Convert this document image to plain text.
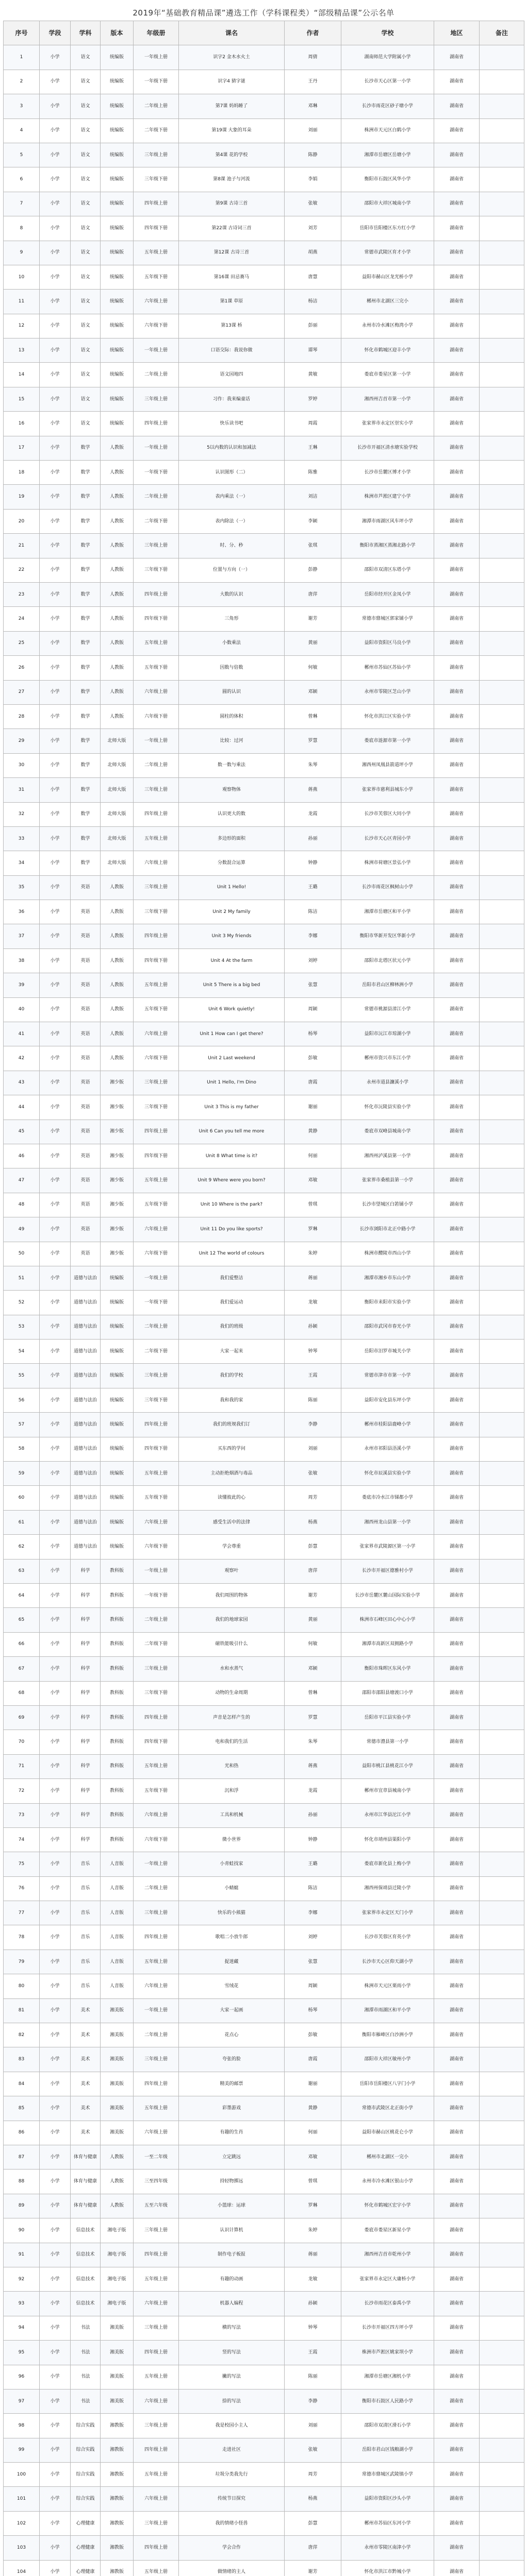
2019年“基础教育精品课”遴选工作（学科课程类）“部级精品课”公示名单
序号	学段	学科	版本	年级册	课名	作者	学校	地区	备注
1	小学	语文	统编版	一年级上册	识字2 金木水火土	周倩	湖南师范大学附属小学	湖南省	
2	小学	语文	统编版	一年级下册	识字4 猜字谜	王丹	长沙市天心区第一小学	湖南省	
3	小学	语文	统编版	二年级上册	第7课 妈妈睡了	邓琳	长沙市雨花区砂子塘小学	湖南省	
4	小学	语文	统编版	二年级下册	第19课 大象的耳朵	刘丽	株洲市天元区白鹤小学	湖南省	
5	小学	语文	统编版	三年级上册	第4课 花的学校	陈静	湘潭市岳塘区岳塘小学	湖南省	
6	小学	语文	统编版	三年级下册	第8课 池子与河流	李娟	衡阳市石鼓区风华小学	湖南省	
7	小学	语文	统编版	四年级上册	第9课 古诗三首	张敏	邵阳市大祥区城南小学	湖南省	
8	小学	语文	统编版	四年级下册	第22课 古诗词三首	刘芳	岳阳市岳阳楼区东方红小学	湖南省	
9	小学	语文	统编版	五年级上册	第12课 古诗三首	胡燕	常德市武陵区育才小学	湖南省	
10	小学	语文	统编版	五年级下册	第16课 田忌赛马	唐慧	益阳市赫山区龙光桥小学	湖南省	
11	小学	语文	统编版	六年级上册	第1课 草原	杨洁	郴州市北湖区三完小	湖南省	
12	小学	语文	统编版	六年级下册	第13课 桥	彭丽	永州市冷水滩区梅湾小学	湖南省	
13	小学	语文	统编版	一年级上册	口语交际：我说你做	谭琴	怀化市鹤城区迎丰小学	湖南省	
14	小学	语文	统编版	二年级上册	语文园地四	黄敏	娄底市娄星区第一小学	湖南省	
15	小学	语文	统编版	三年级上册	习作：我来编童话	罗婷	湘西州吉首市第一小学	湖南省	
16	小学	语文	统编版	四年级上册	快乐读书吧	周霞	张家界市永定区崇实小学	湖南省	
17	小学	数学	人教版	一年级上册	5以内数的认识和加减法	王琳	长沙市开福区清水塘实验学校	湖南省	
18	小学	数学	人教版	一年级下册	认识图形（二）	陈雅	长沙市岳麓区博才小学	湖南省	
19	小学	数学	人教版	二年级上册	表内乘法（一）	刘洁	株洲市芦淞区建宁小学	湖南省	
20	小学	数学	人教版	二年级下册	表内除法（一）	李颖	湘潭市雨湖区风车坪小学	湖南省	
21	小学	数学	人教版	三年级上册	时、分、秒	张琪	衡阳市蒸湘区蒸湘北路小学	湖南省	
22	小学	数学	人教版	三年级下册	位置与方向（一）	彭静	邵阳市双清区东塔小学	湖南省	
23	小学	数学	人教版	四年级上册	大数的认识	唐萍	岳阳市经开区金凤小学	湖南省	
24	小学	数学	人教版	四年级下册	三角形	谢芳	常德市鼎城区郭家铺小学	湖南省	
25	小学	数学	人教版	五年级上册	小数乘法	黄丽	益阳市资阳区马良小学	湖南省	
26	小学	数学	人教版	五年级下册	因数与倍数	何敏	郴州市苏仙区苏仙小学	湖南省	
27	小学	数学	人教版	六年级上册	圆的认识	邓颖	永州市零陵区芝山小学	湖南省	
28	小学	数学	人教版	六年级下册	圆柱的体积	曾琳	怀化市洪江区实验小学	湖南省	
29	小学	数学	北师大版	一年级上册	比较：过河	罗慧	娄底市涟源市第一小学	湖南省	
30	小学	数学	北师大版	二年级上册	数一数与乘法	朱琴	湘西州凤凰县箭道坪小学	湖南省	
31	小学	数学	北师大版	三年级上册	观察物体	蒋燕	张家界市慈利县城东小学	湖南省	
32	小学	数学	北师大版	四年级上册	认识更大的数	龙霞	长沙市芙蓉区大同小学	湖南省	
33	小学	数学	北师大版	五年级上册	多边形的面积	孙丽	长沙市天心区青园小学	湖南省	
34	小学	数学	北师大版	六年级上册	分数混合运算	钟静	株洲市荷塘区景弘小学	湖南省	
35	小学	英语	人教版	三年级上册	Unit 1 Hello!	王璐	长沙市雨花区枫树山小学	湖南省	
36	小学	英语	人教版	三年级下册	Unit 2 My family	陈洁	湘潭市岳塘区和平小学	湖南省	
37	小学	英语	人教版	四年级上册	Unit 3 My friends	李娜	衡阳市华新开发区华新小学	湖南省	
38	小学	英语	人教版	四年级下册	Unit 4 At the farm	刘婷	邵阳市北塔区状元小学	湖南省	
39	小学	英语	人教版	五年级上册	Unit 5 There is a big bed	张慧	岳阳市君山区柳林洲小学	湖南省	
40	小学	英语	人教版	五年级下册	Unit 6 Work quietly!	周颖	常德市桃源县漳江小学	湖南省	
41	小学	英语	人教版	六年级上册	Unit 1 How can I get there?	杨琴	益阳市沅江市琼湖小学	湖南省	
42	小学	英语	人教版	六年级下册	Unit 2 Last weekend	彭敏	郴州市资兴市东江小学	湖南省	
43	小学	英语	湘少版	三年级上册	Unit 1 Hello, I'm Dino	唐霞	永州市道县濂溪小学	湖南省	
44	小学	英语	湘少版	三年级下册	Unit 3 This is my father	谢丽	怀化市沅陵县实验小学	湖南省	
45	小学	英语	湘少版	四年级上册	Unit 6 Can you tell me more	黄静	娄底市双峰县城南小学	湖南省	
46	小学	英语	湘少版	四年级下册	Unit 8 What time is it?	何丽	湘西州泸溪县第一小学	湖南省	
47	小学	英语	湘少版	五年级上册	Unit 9 Where were you born?	邓敏	张家界市桑植县第一小学	湖南省	
48	小学	英语	湘少版	五年级下册	Unit 10 Where is the park?	曾琪	长沙市望城区白箬铺小学	湖南省	
49	小学	英语	湘少版	六年级上册	Unit 11 Do you like sports?	罗琳	长沙市浏阳市北正中路小学	湖南省	
50	小学	英语	湘少版	六年级下册	Unit 12 The world of colours	朱婷	株洲市醴陵市西山小学	湖南省	
51	小学	道德与法治	统编版	一年级上册	我们爱整洁	蒋丽	湘潭市湘乡市东山小学	湖南省	
52	小学	道德与法治	统编版	一年级下册	我们爱运动	龙敏	衡阳市耒阳市实验小学	湖南省	
53	小学	道德与法治	统编版	二年级上册	我们的班级	孙颖	邵阳市武冈市春光小学	湖南省	
54	小学	道德与法治	统编版	二年级下册	大家一起来	钟琴	岳阳市汨罗市城关小学	湖南省	
55	小学	道德与法治	统编版	三年级上册	我们的学校	王霞	常德市津市市第一小学	湖南省	
56	小学	道德与法治	统编版	三年级下册	我和我的家	陈丽	益阳市安化县东坪小学	湖南省	
57	小学	道德与法治	统编版	四年级上册	我们的班规我们订	李静	郴州市桂阳县鹿峰小学	湖南省	
58	小学	道德与法治	统编版	四年级下册	买东西的学问	刘丽	永州市祁阳县浯溪小学	湖南省	
59	小学	道德与法治	统编版	五年级上册	主动拒绝烟酒与毒品	张敏	怀化市辰溪县实验小学	湖南省	
60	小学	道德与法治	统编版	五年级下册	读懂彼此的心	周芳	娄底市冷水江市锑都小学	湖南省	
61	小学	道德与法治	统编版	六年级上册	感受生活中的法律	杨燕	湘西州龙山县第一小学	湖南省	
62	小学	道德与法治	统编版	六年级下册	学会尊重	彭慧	张家界市武陵源区第一小学	湖南省	
63	小学	科学	教科版	一年级上册	观察叶	唐萍	长沙市开福区德雅村小学	湖南省	
64	小学	科学	教科版	一年级下册	我们周围的物体	谢芳	长沙市岳麓区麓山国际实验小学	湖南省	
65	小学	科学	教科版	二年级上册	我们的地球家园	黄丽	株洲市石峰区田心中心小学	湖南省	
66	小学	科学	教科版	二年级下册	磁铁能吸引什么	何敏	湘潭市高新区双拥路小学	湖南省	
67	小学	科学	教科版	三年级上册	水和水蒸气	邓颖	衡阳市珠晖区东风小学	湖南省	
68	小学	科学	教科版	三年级下册	动物的生命周期	曾琳	邵阳市邵阳县塘渡口小学	湖南省	
69	小学	科学	教科版	四年级上册	声音是怎样产生的	罗慧	岳阳市平江县实验小学	湖南省	
70	小学	科学	教科版	四年级下册	电和我们的生活	朱琴	常德市澧县第一小学	湖南省	
71	小学	科学	教科版	五年级上册	光和热	蒋燕	益阳市桃江县桃花江小学	湖南省	
72	小学	科学	教科版	五年级下册	沉和浮	龙霞	郴州市宜章县城南小学	湖南省	
73	小学	科学	教科版	六年级上册	工具和机械	孙丽	永州市江华县沱江小学	湖南省	
74	小学	科学	教科版	六年级下册	微小世界	钟静	怀化市靖州县渠阳小学	湖南省	
75	小学	音乐	人音版	一年级上册	小青蛙找家	王璐	娄底市新化县上梅小学	湖南省	
76	小学	音乐	人音版	二年级上册	小蜻蜓	陈洁	湘西州保靖县迁陵小学	湖南省	
77	小学	音乐	人音版	三年级上册	快乐的小熊猫	李娜	张家界市永定区天门小学	湖南省	
78	小学	音乐	人音版	四年级上册	歌唱二小放牛郎	刘婷	长沙市芙蓉区育英小学	湖南省	
79	小学	音乐	人音版	五年级上册	捉迷藏	张慧	长沙市天心区仰天湖小学	湖南省	
80	小学	音乐	人音版	六年级上册	雪绒花	周颖	株洲市天元区栗雨小学	湖南省	
81	小学	美术	湘美版	一年级上册	大家一起画	杨琴	湘潭市雨湖区和平小学	湖南省	
82	小学	美术	湘美版	二年级上册	花点心	彭敏	衡阳市雁峰区白沙洲小学	湖南省	
83	小学	美术	湘美版	三年级上册	夸张的脸	唐霞	邵阳市大祥区敏州小学	湖南省	
84	小学	美术	湘美版	四年级上册	精美的邮票	谢丽	岳阳市岳阳楼区八字门小学	湖南省	
85	小学	美术	湘美版	五年级上册	彩墨游戏	黄静	常德市武陵区北正街小学	湖南省	
86	小学	美术	湘美版	六年级上册	有趣的生肖	何丽	益阳市赫山区桃花仑小学	湖南省	
87	小学	体育与健康	人教版	一至二年级	立定跳远	邓敏	郴州市北湖区一完小	湖南省	
88	小学	体育与健康	人教版	三至四年级	持轻物掷远	曾琪	永州市冷水滩区银山小学	湖南省	
89	小学	体育与健康	人教版	五至六年级	小篮球：运球	罗琳	怀化市鹤城区宏宇小学	湖南省	
90	小学	信息技术	湘电子版	三年级上册	认识计算机	朱婷	娄底市娄星区新星小学	湖南省	
91	小学	信息技术	湘电子版	四年级上册	制作电子板报	蒋丽	湘西州吉首市乾州小学	湖南省	
92	小学	信息技术	湘电子版	五年级上册	有趣的动画	龙敏	张家界市永定区大庸桥小学	湖南省	
93	小学	信息技术	湘电子版	六年级上册	机器人编程	孙颖	长沙市雨花区泰禹小学	湖南省	
94	小学	书法	湘美版	三年级上册	横的写法	钟琴	长沙市开福区四方坪小学	湖南省	
95	小学	书法	湘美版	四年级上册	竖的写法	王霞	株洲市芦淞区姚家坝小学	湖南省	
96	小学	书法	湘美版	五年级上册	撇的写法	陈丽	湘潭市岳塘区湘机小学	湖南省	
97	小学	书法	湘美版	六年级上册	捺的写法	李静	衡阳市石鼓区人民路小学	湖南省	
98	小学	综合实践	湘教版	三年级上册	我是校园小主人	刘丽	邵阳市双清区滑石小学	湖南省	
99	小学	综合实践	湘教版	四年级上册	走进社区	张敏	岳阳市君山区钱粮湖小学	湖南省	
100	小学	综合实践	湘教版	五年级上册	垃圾分类我先行	周芳	常德市鼎城区武陵镇小学	湖南省	
101	小学	综合实践	湘教版	六年级上册	传统节日探究	杨燕	益阳市资阳区沙头小学	湖南省	
102	小学	心理健康	湘教版	三年级上册	我的情绪小怪兽	彭慧	郴州市苏仙区东河小学	湖南省	
103	小学	心理健康	湘教版	四年级上册	学会合作	唐萍	永州市零陵区南津小学	湖南省	
104	小学	心理健康	湘教版	五年级上册	做情绪的主人	谢芳	怀化市洪江市黔城小学	湖南省	
